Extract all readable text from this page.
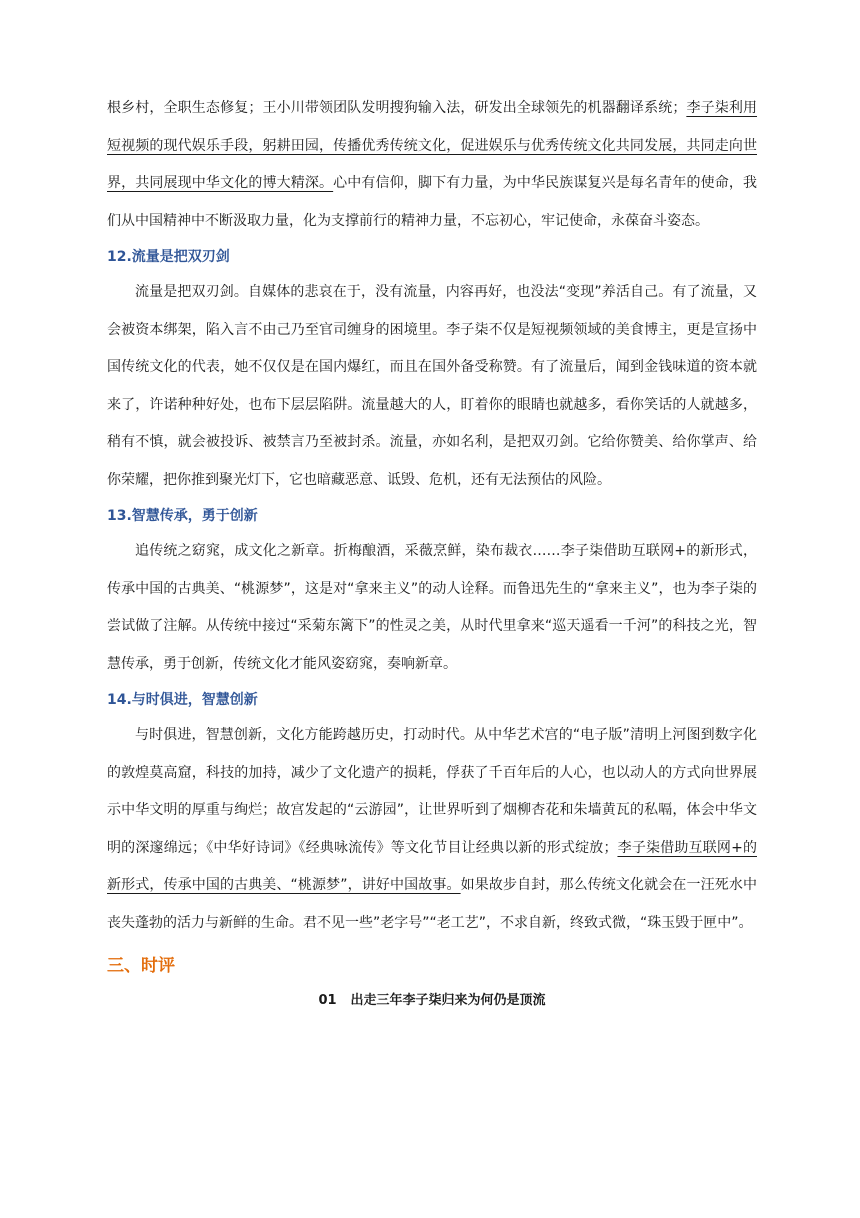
根乡村，全职生态修复；王小川带领团队发明搜狗输入法，研发出全球领先的机器翻译系统；李子柒利用短视频的现代娱乐手段，躬耕田园，传播优秀传统文化，促进娱乐与优秀传统文化共同发展，共同走向世界，共同展现中华文化的博大精深。心中有信仰，脚下有力量，为中华民族谋复兴是每名青年的使命，我们从中国精神中不断汲取力量，化为支撑前行的精神力量，不忘初心，牢记使命，永葆奋斗姿态。

12.流量是把双刃剑

流量是把双刃剑。自媒体的悲哀在于，没有流量，内容再好，也没法“变现”养活自己。有了流量，又会被资本绑架，陷入言不由己乃至官司缠身的困境里。李子柒不仅是短视频领域的美食博主，更是宣扬中国传统文化的代表，她不仅仅是在国内爆红，而且在国外备受称赞。有了流量后，闻到金钱味道的资本就来了，许诺种种好处，也布下层层陷阱。流量越大的人，盯着你的眼睛也就越多，看你笑话的人就越多，稍有不慎，就会被投诉、被禁言乃至被封杀。流量，亦如名利，是把双刃剑。它给你赞美、给你掌声、给你荣耀，把你推到聚光灯下，它也暗藏恶意、诋毁、危机，还有无法预估的风险。

13.智慧传承，勇于创新

追传统之窈窕，成文化之新章。折梅酿酒，采薇烹鲜，染布裁衣……李子柒借助互联网+的新形式，传承中国的古典美、“桃源梦”，这是对“拿来主义”的动人诠释。而鲁迅先生的“拿来主义”，也为李子柒的尝试做了注解。从传统中接过“采菊东篱下”的性灵之美，从时代里拿来“巡天遥看一千河”的科技之光，智慧传承，勇于创新，传统文化才能风姿窈窕，奏响新章。

14.与时俱进，智慧创新

与时俱进，智慧创新，文化方能跨越历史，打动时代。从中华艺术宫的“电子版”清明上河图到数字化的敦煌莫高窟，科技的加持，减少了文化遗产的损耗，俘获了千百年后的人心，也以动人的方式向世界展示中华文明的厚重与绚烂；故宫发起的“云游园”，让世界听到了烟柳杏花和朱墙黄瓦的私嗝，体会中华文明的深邃绵远；《中华好诗词》《经典咏流传》等文化节目让经典以新的形式绽放；李子柒借助互联网+的新形式，传承中国的古典美、“桃源梦”，讲好中国故事。如果故步自封，那么传统文化就会在一汪死水中丧失蓬勃的活力与新鲜的生命。君不见一些”老字号”“老工艺”，不求自新，终致式微，“珠玉毁于匣中”。

三、时评
01 出走三年李子柒归来为何仍是顶流
